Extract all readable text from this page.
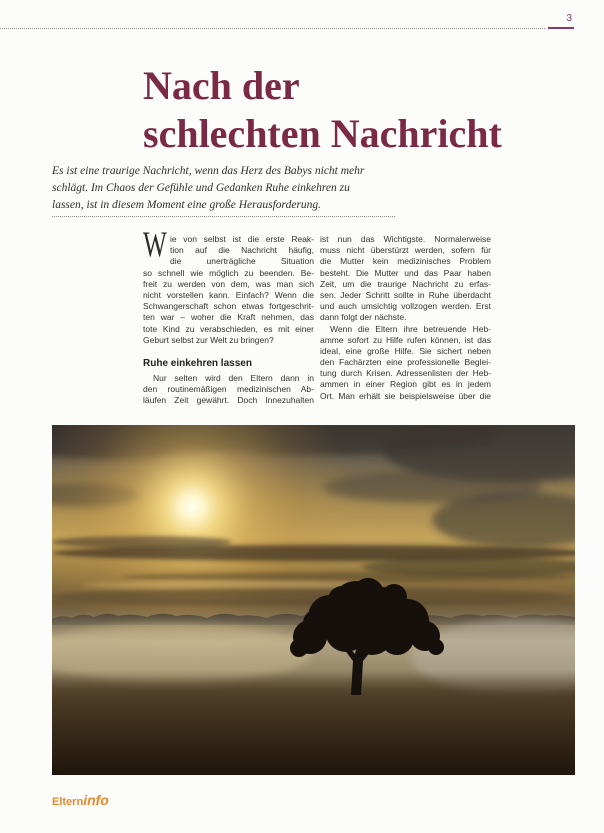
3
Nach der
schlechten Nachricht
Es ist eine traurige Nachricht, wenn das Herz des Babys nicht mehr
schlägt. Im Chaos der Gefühle und Gedanken Ruhe einkehren zu
lassen, ist in diesem Moment eine große Herausforderung.
W ie von selbst ist die erste Reak-
tion auf die Nachricht häufig,
die unerträgliche Situation
so schnell wie möglich zu beenden. Be-
freit zu werden von dem, was man sich
nicht vorstellen kann. Einfach? Wenn die
Schwangerschaft schon etwas fortgeschrit-
ten war – woher die Kraft nehmen, das
tote Kind zu verabschieden, es mit einer
Geburt selbst zur Welt zu bringen?
Ruhe einkehren lassen
Nur selten wird den Eltern dann in
den routinemäßigen medizinischen Ab-
läufen Zeit gewährt. Doch Innezuhalten
ist nun das Wichtigste. Normalerweise
muss nicht überstürzt werden, sofern für
die Mutter kein medizinisches Problem
besteht. Die Mutter und das Paar haben
Zeit, um die traurige Nachricht zu erfas-
sen. Jeder Schritt sollte in Ruhe überdacht
und auch umsichtig vollzogen werden. Erst
dann folgt der nächste.
Wenn die Eltern ihre betreuende Heb-
amme sofort zu Hilfe rufen können, ist das
ideal, eine große Hilfe. Sie sichert neben
den Fachärzten eine professionelle Beglei-
tung durch Krisen. Adressenlisten der Heb-
ammen in einer Region gibt es in jedem
Ort. Man erhält sie beispielsweise über die
Elterninfo
